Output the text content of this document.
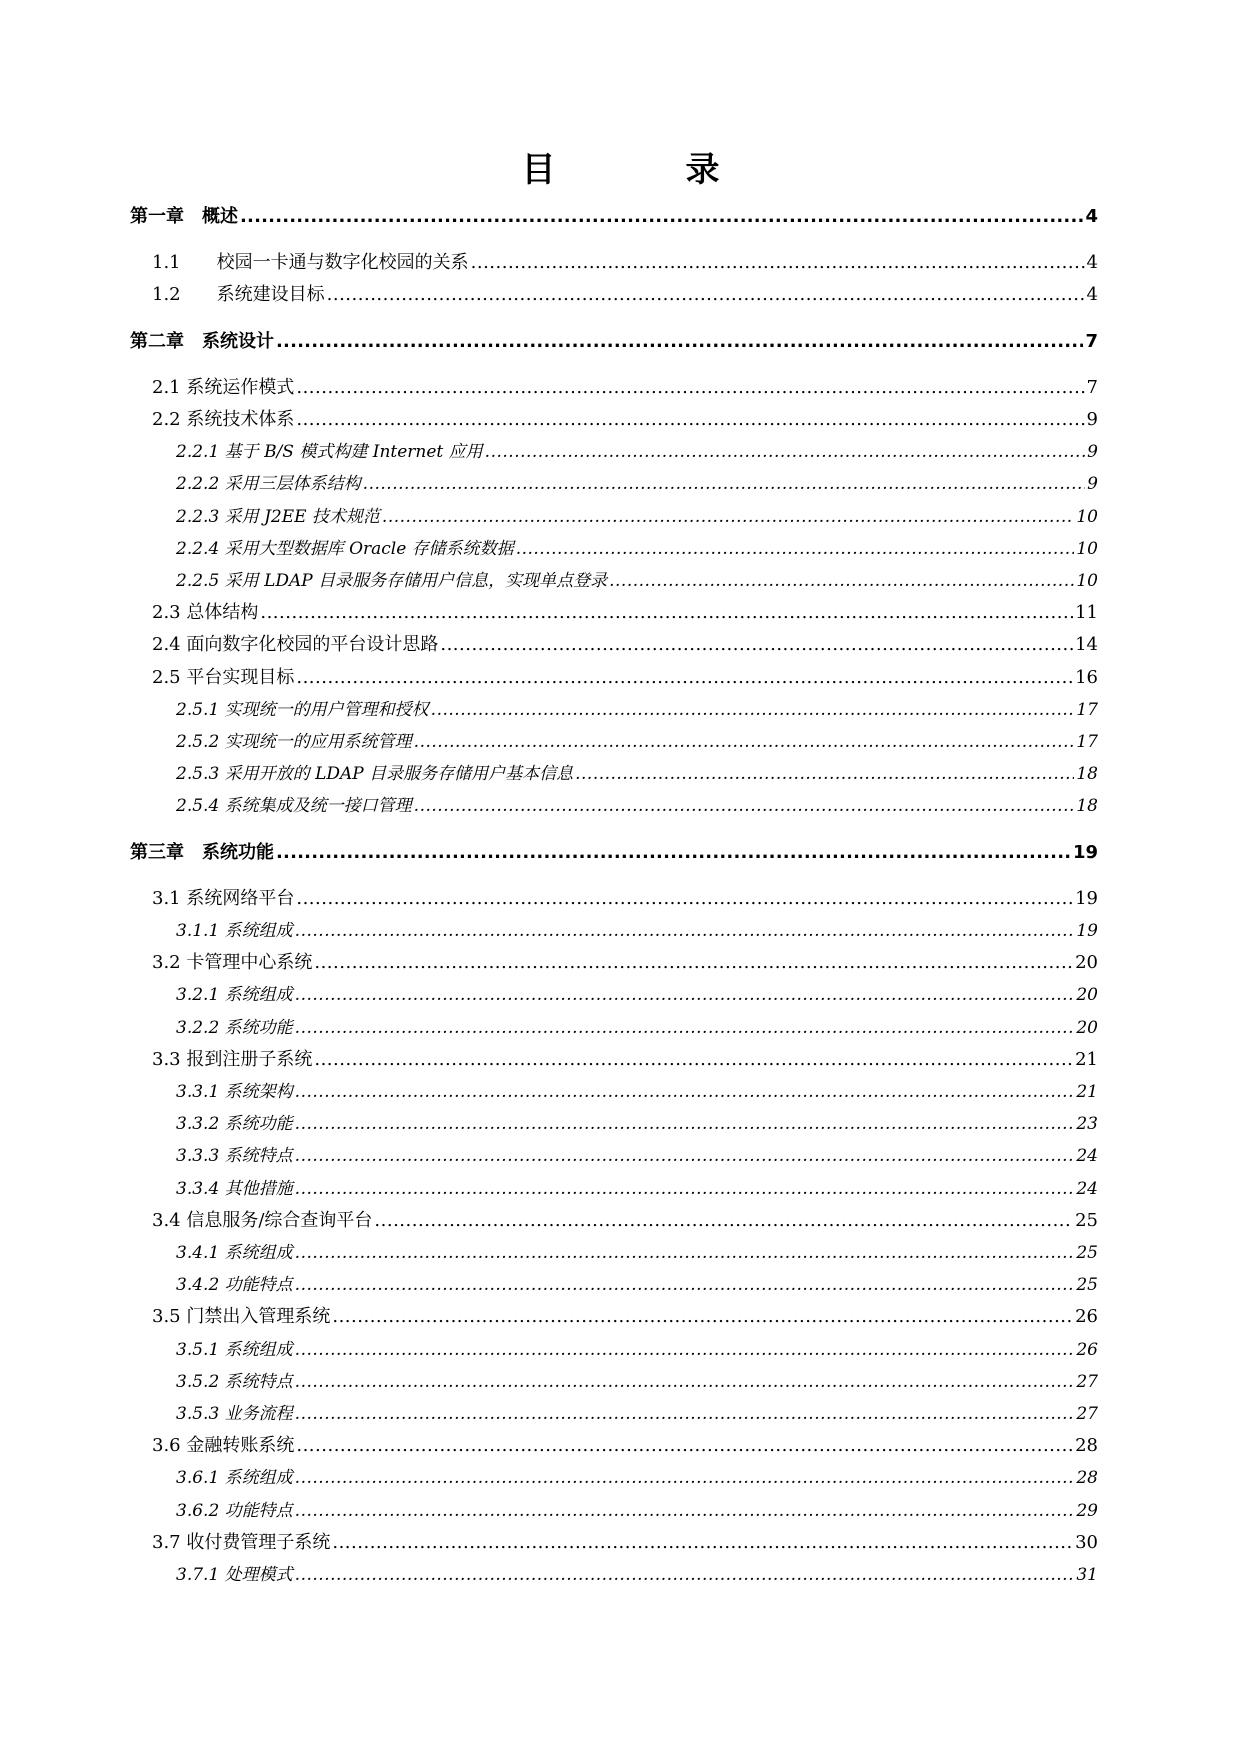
目　录
第一章　概述 .....	4
1.1　　校园一卡通与数字化校园的关系 .....	4
1.2　　系统建设目标 .....	4
第二章　系统设计 .....	7
2.1 系统运作模式 .....	7
2.2 系统技术体系 .....	9
2.2.1 基于 B/S 模式构建 Internet 应用 .....	9
2.2.2 采用三层体系结构 .....	9
2.2.3 采用 J2EE 技术规范 .....	10
2.2.4 采用大型数据库 Oracle 存储系统数据 .....	10
2.2.5 采用 LDAP 目录服务存储用户信息，实现单点登录 .....	10
2.3 总体结构 .....	11
2.4 面向数字化校园的平台设计思路 .....	14
2.5 平台实现目标 .....	16
2.5.1 实现统一的用户管理和授权 .....	17
2.5.2 实现统一的应用系统管理 .....	17
2.5.3 采用开放的 LDAP 目录服务存储用户基本信息 .....	18
2.5.4 系统集成及统一接口管理 .....	18
第三章　系统功能 .....	19
3.1 系统网络平台 .....	19
3.1.1 系统组成 .....	19
3.2 卡管理中心系统 .....	20
3.2.1 系统组成 .....	20
3.2.2 系统功能 .....	20
3.3 报到注册子系统 .....	21
3.3.1 系统架构 .....	21
3.3.2 系统功能 .....	23
3.3.3 系统特点 .....	24
3.3.4 其他措施 .....	24
3.4 信息服务/综合查询平台 .....	25
3.4.1 系统组成 .....	25
3.4.2 功能特点 .....	25
3.5 门禁出入管理系统 .....	26
3.5.1 系统组成 .....	26
3.5.2 系统特点 .....	27
3.5.3 业务流程 .....	27
3.6 金融转账系统 .....	28
3.6.1 系统组成 .....	28
3.6.2 功能特点 .....	29
3.7 收付费管理子系统 .....	30
3.7.1 处理模式 .....	31
